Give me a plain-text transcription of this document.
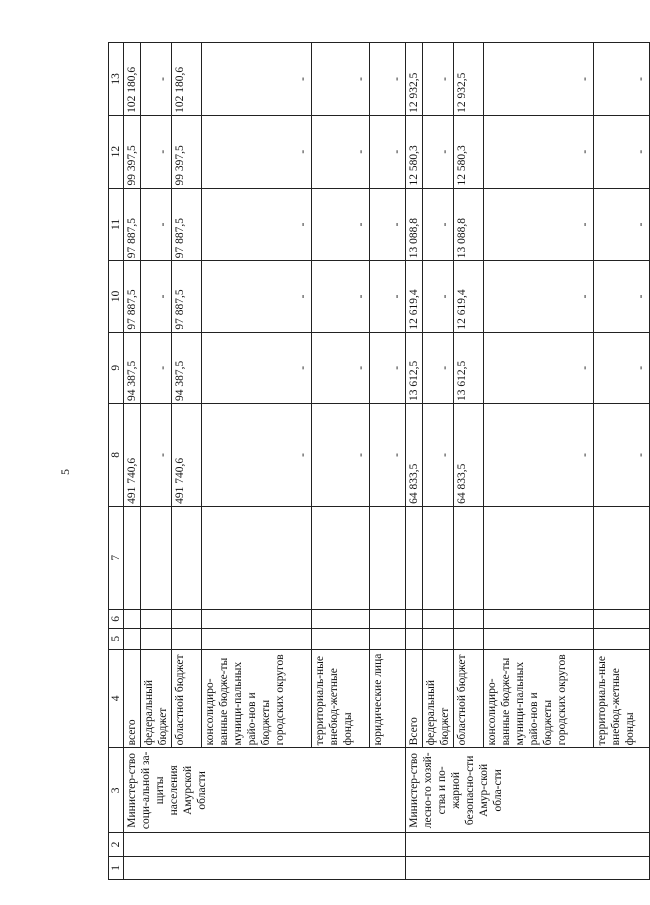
5
1	2	3	4	5	6	7	8	9	10	11	12	13
		Министер-ство соци-альной за-щиты населения Амурской области	всего				491 740,6	94 387,5	97 887,5	97 887,5	99 397,5	102 180,6
			федеральный бюджет				-	-	-	-	-	-
			областной бюджет				491 740,6	94 387,5	97 887,5	97 887,5	99 397,5	102 180,6
			консолидиро-ванные бюдже-ты муници-пальных райо-нов и бюджеты городских округов				-	-	-	-	-	-
			территориаль-ные внебюд-жетные фонды				-	-	-	-	-	-
			юридические лица				-	-	-	-	-	-
		Министер-ство лесно-го хозяй-ства и по-жарной безопасно-сти Амур-ской обла-сти	Всего				64 833,5	13 612,5	12 619,4	13 088,8	12 580,3	12 932,5
			федеральный бюджет				-	-	-	-	-	-
			областной бюджет				64 833,5	13 612,5	12 619,4	13 088,8	12 580,3	12 932,5
			консолидиро-ванные бюдже-ты муници-пальных райо-нов и бюджеты городских округов				-	-	-	-	-	-
			территориаль-ные внебюд-жетные фонды				-	-	-	-	-	-
